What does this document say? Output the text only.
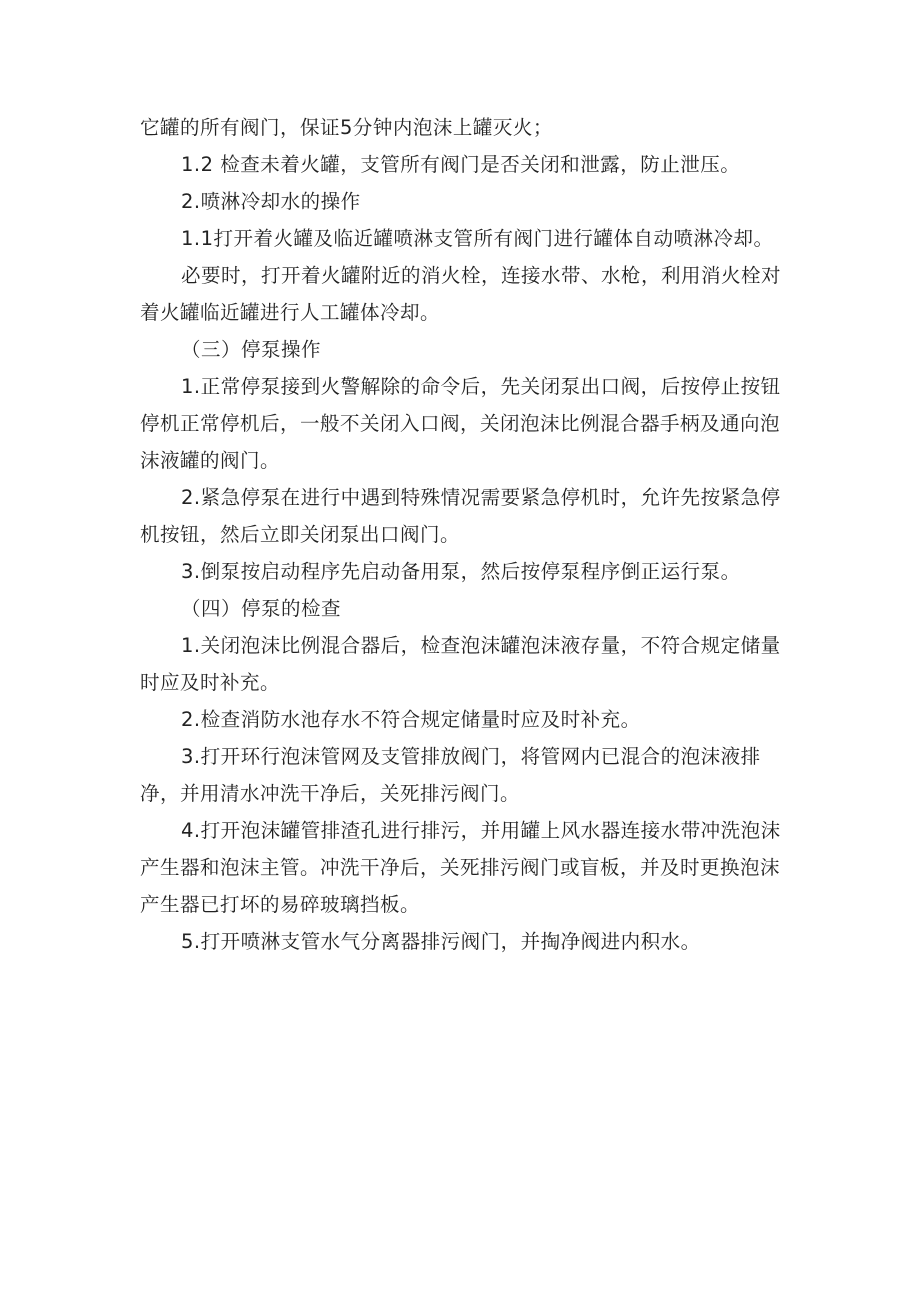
它罐的所有阀门，保证5分钟内泡沫上罐灭火；

1.2 检查未着火罐，支管所有阀门是否关闭和泄露，防止泄压。

2.喷淋冷却水的操作

1.1打开着火罐及临近罐喷淋支管所有阀门进行罐体自动喷淋冷却。

必要时，打开着火罐附近的消火栓，连接水带、水枪，利用消火栓对着火罐临近罐进行人工罐体冷却。

（三）停泵操作

1.正常停泵接到火警解除的命令后，先关闭泵出口阀，后按停止按钮停机正常停机后，一般不关闭入口阀，关闭泡沫比例混合器手柄及通向泡沫液罐的阀门。

2.紧急停泵在进行中遇到特殊情况需要紧急停机时，允许先按紧急停机按钮，然后立即关闭泵出口阀门。

3.倒泵按启动程序先启动备用泵，然后按停泵程序倒正运行泵。

（四）停泵的检查

1.关闭泡沫比例混合器后，检查泡沫罐泡沫液存量，不符合规定储量时应及时补充。

2.检查消防水池存水不符合规定储量时应及时补充。

3.打开环行泡沫管网及支管排放阀门，将管网内已混合的泡沫液排净，并用清水冲洗干净后，关死排污阀门。

4.打开泡沫罐管排渣孔进行排污，并用罐上风水器连接水带冲洗泡沫产生器和泡沫主管。冲洗干净后，关死排污阀门或盲板，并及时更换泡沫产生器已打坏的易碎玻璃挡板。

5.打开喷淋支管水气分离器排污阀门，并掏净阀进内积水。
